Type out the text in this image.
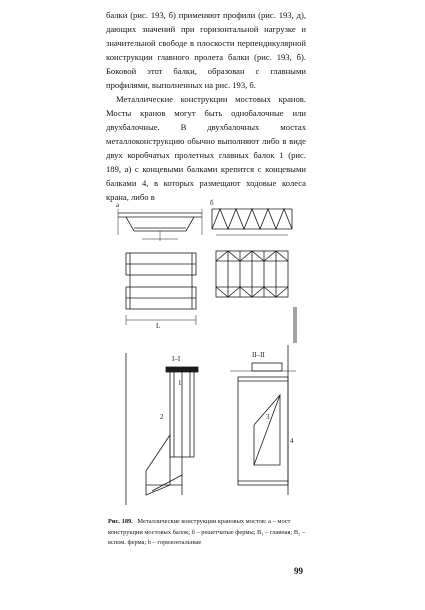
балки (рис. 193, б) применяют профили (рис. 193, д), дающих значений при горизонтальной нагрузке и значительной свободе в плоскости перпендикулярной конструкции главного пролета балки (рис. 193, б). Боковой этот балки, образован с главными профилями, выполненных на рис. 193, б.

Металлические конструкции мостовых кранов. Мосты кранов могут быть однобалочные или двухбалочные. В двухбалочных мостах металлоконструкцию обычно выполняют либо в виде двух коробчатых пролетных главных балок 1 (рис. 189, а) с концевыми балками крепится с концевыми балками 4, в которых размещают ходовые колеса крана, либо в

а	б
L
I–I	II–II
1
2	3
4
Рис. 189. Металлические конструкции крановых мостов: а – мост конструкции мостовых балок; б – решетчатые фермы; B₁ – главная; B₂ – вспом. ферма; b – горизонтальные
99
